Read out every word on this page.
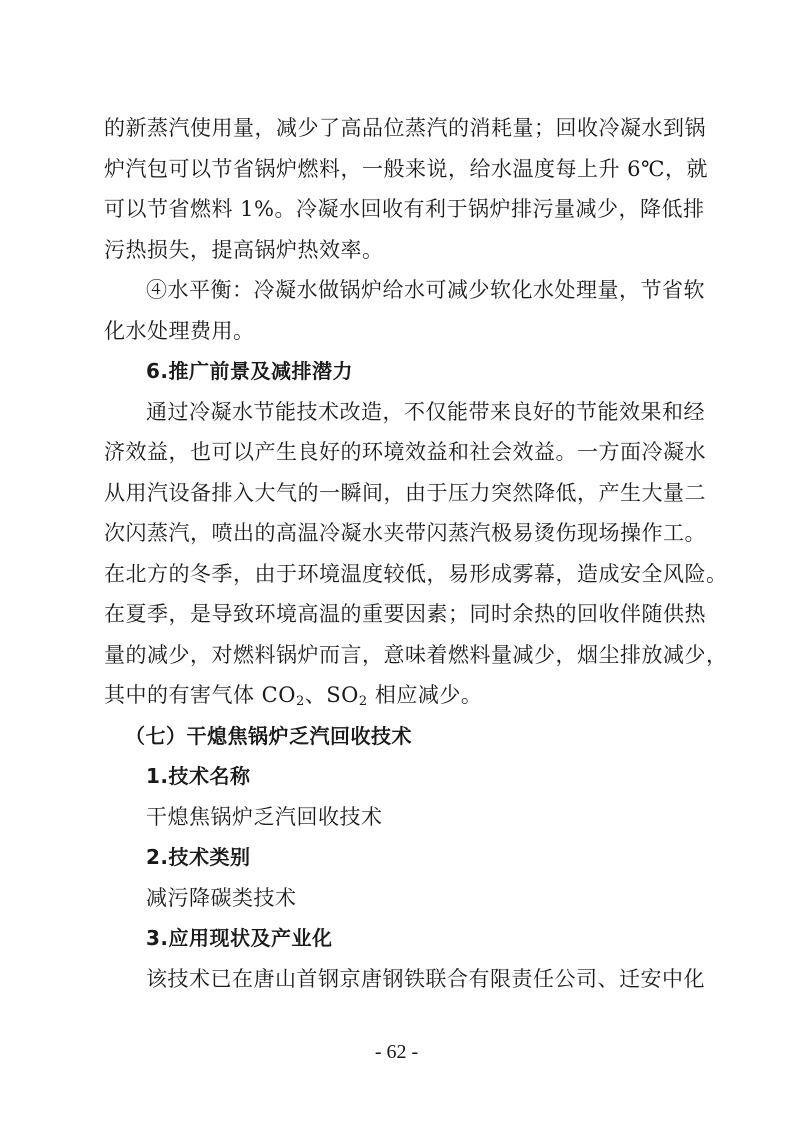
的新蒸汽使用量，减少了高品位蒸汽的消耗量；回收冷凝水到锅
炉汽包可以节省锅炉燃料，一般来说，给水温度每上升 6℃，就
可以节省燃料 1%。冷凝水回收有利于锅炉排污量减少，降低排
污热损失，提高锅炉热效率。
④水平衡：冷凝水做锅炉给水可减少软化水处理量，节省软
化水处理费用。
6.推广前景及减排潜力
通过冷凝水节能技术改造，不仅能带来良好的节能效果和经
济效益，也可以产生良好的环境效益和社会效益。一方面冷凝水
从用汽设备排入大气的一瞬间，由于压力突然降低，产生大量二
次闪蒸汽，喷出的高温冷凝水夹带闪蒸汽极易烫伤现场操作工。
在北方的冬季，由于环境温度较低，易形成雾幕，造成安全风险。
在夏季，是导致环境高温的重要因素；同时余热的回收伴随供热
量的减少，对燃料锅炉而言，意味着燃料量减少，烟尘排放减少，
其中的有害气体 $CO_2$、$SO_2$ 相应减少。
（七）干熄焦锅炉乏汽回收技术
1.技术名称
干熄焦锅炉乏汽回收技术
2.技术类别
减污降碳类技术
3.应用现状及产业化
该技术已在唐山首钢京唐钢铁联合有限责任公司、迁安中化
- 62 -
